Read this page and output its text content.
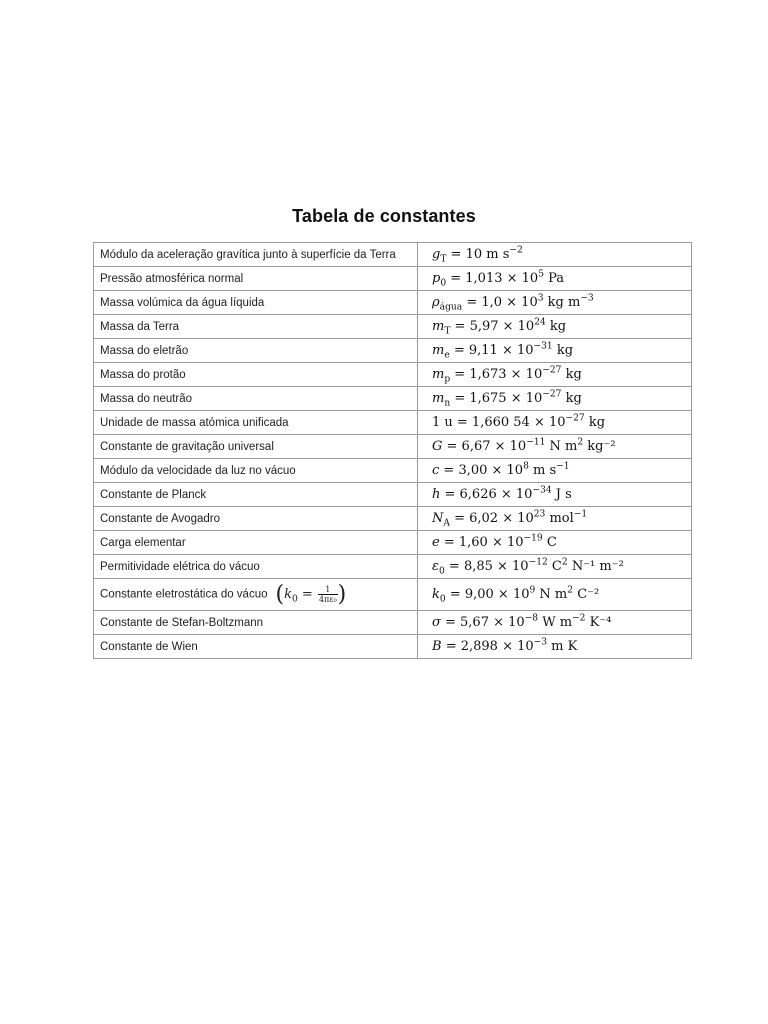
Tabela de constantes
Módulo da aceleração gravítica junto à superfície da Terra	$g_T = 10$ m $s^{-2}$
Pressão atmosférica normal	$p_0 = 1,013 \times 10^5$ Pa
Massa volúmica da água líquida	$\rho_{água} = 1,0 \times 10^3$ kg $m^{-3}$
Massa da Terra	$m_T = 5,97 \times 10^{24}$ kg
Massa do eletrão	$m_e = 9,11 \times 10^{-31}$ kg
Massa do protão	$m_p = 1,673 \times 10^{-27}$ kg
Massa do neutrão	$m_n = 1,675 \times 10^{-27}$ kg
Unidade de massa atómica unificada	1 u = 1,660 $54 \times 10^{-27}$ kg
Constante de gravitação universal	$G = 6,67 \times 10^{-11}$ N $m^2$ kg⁻²
Módulo da velocidade da luz no vácuo	$c = 3,00 \times 10^8$ m $s^{-1}$
Constante de Planck	$h = 6,626 \times 10^{-34}$ J s
Constante de Avogadro	$N_A = 6,02 \times 10^{23}$ mol$^{-1}$
Carga elementar	$e = 1,60 \times 10^{-19}$ C
Permitividade elétrica do vácuo	$\varepsilon_0 = 8,85 \times 10^{-12}$ $C^2$ N⁻¹ m⁻²
Constante eletrostática do vácuo ($k_0 = \frac{1}{\text{4πε₀}}$ )	$k_0 = 9,00 \times 10^9$ N $m^2$ C⁻²
Constante de Stefan-Boltzmann	$\sigma = 5,67 \times 10^{-8}$ W $m^{-2}$ K⁻⁴
Constante de Wien	$B = 2,898 \times 10^{-3}$ m K
